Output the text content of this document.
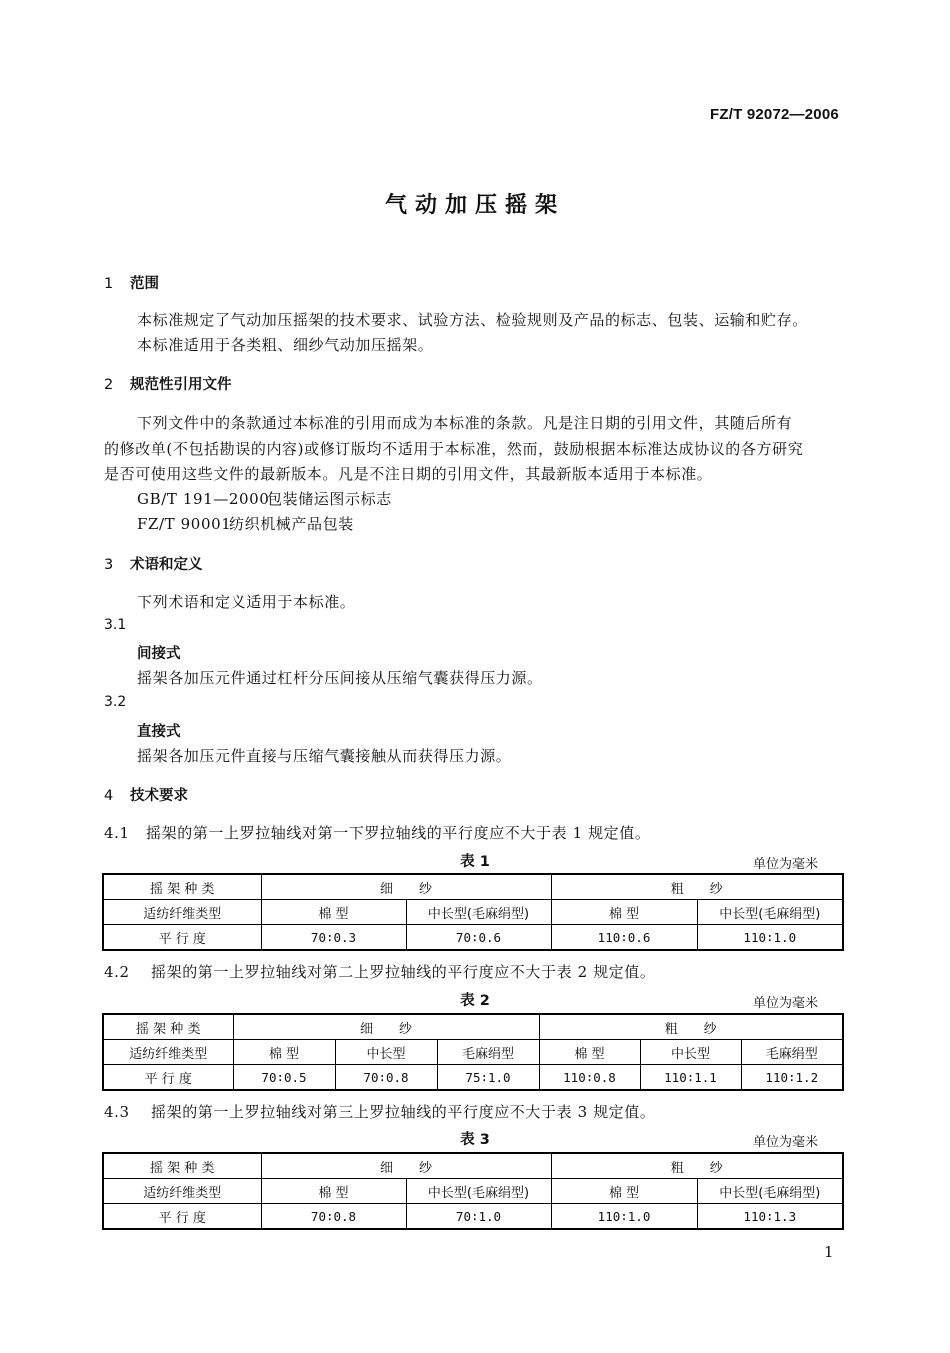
FZ/T 92072—2006
气动加压摇架
1 范围
本标准规定了气动加压摇架的技术要求、试验方法、检验规则及产品的标志、包装、运输和贮存。
本标准适用于各类粗、细纱气动加压摇架。
2 规范性引用文件
下列文件中的条款通过本标准的引用而成为本标准的条款。凡是注日期的引用文件，其随后所有
的修改单(不包括勘误的内容)或修订版均不适用于本标准，然而，鼓励根据本标准达成协议的各方研究
是否可使用这些文件的最新版本。凡是不注日期的引用文件，其最新版本适用于本标准。
GB/T 191—2000包装储运图示标志
FZ/T 90001纺织机械产品包装
3 术语和定义
下列术语和定义适用于本标准。
3.1
间接式
摇架各加压元件通过杠杆分压间接从压缩气囊获得压力源。
3.2
直接式
摇架各加压元件直接与压缩气囊接触从而获得压力源。
4 技术要求
4.1 摇架的第一上罗拉轴线对第一下罗拉轴线的平行度应不大于表 1 规定值。
表 1	单位为毫米
摇 架 种 类	细　　纱		粗　　纱	
适纺纤维类型	棉 型	中长型(毛麻绢型)	棉 型	中长型(毛麻绢型)
平 行 度	70∶0.3	70∶0.6	110∶0.6	110∶1.0
4.2 摇架的第一上罗拉轴线对第二上罗拉轴线的平行度应不大于表 2 规定值。
表 2	单位为毫米
摇 架 种 类	细　　纱			粗　　纱		
适纺纤维类型	棉 型	中长型	毛麻绢型	棉 型	中长型	毛麻绢型
平 行 度	70∶0.5	70∶0.8	75∶1.0	110∶0.8	110∶1.1	110∶1.2
4.3 摇架的第一上罗拉轴线对第三上罗拉轴线的平行度应不大于表 3 规定值。
表 3	单位为毫米
摇 架 种 类	细　　纱		粗　　纱	
适纺纤维类型	棉 型	中长型(毛麻绢型)	棉 型	中长型(毛麻绢型)
平 行 度	70∶0.8	70∶1.0	110∶1.0	110∶1.3
1
